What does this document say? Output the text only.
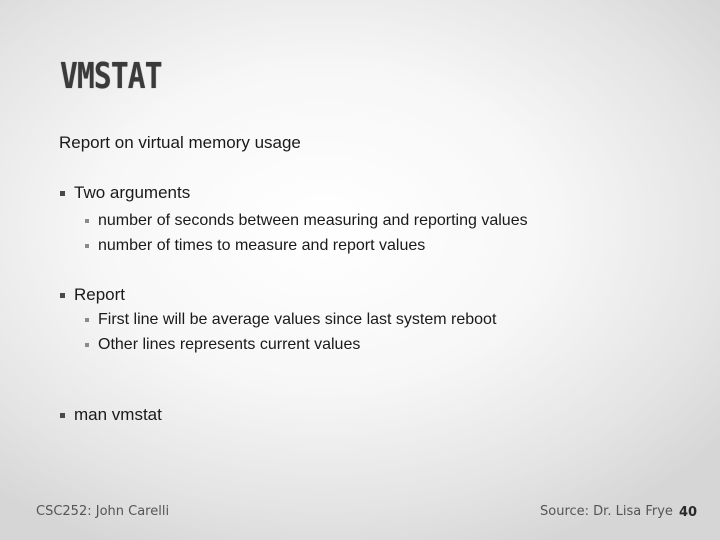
VMSTAT
Report on virtual memory usage
Two arguments
number of seconds between measuring and reporting values
number of times to measure and report values
Report
First line will be average values since last system reboot
Other lines represents current values
man vmstat
CSC252: John Carelli	Source: Dr. Lisa Frye 40
